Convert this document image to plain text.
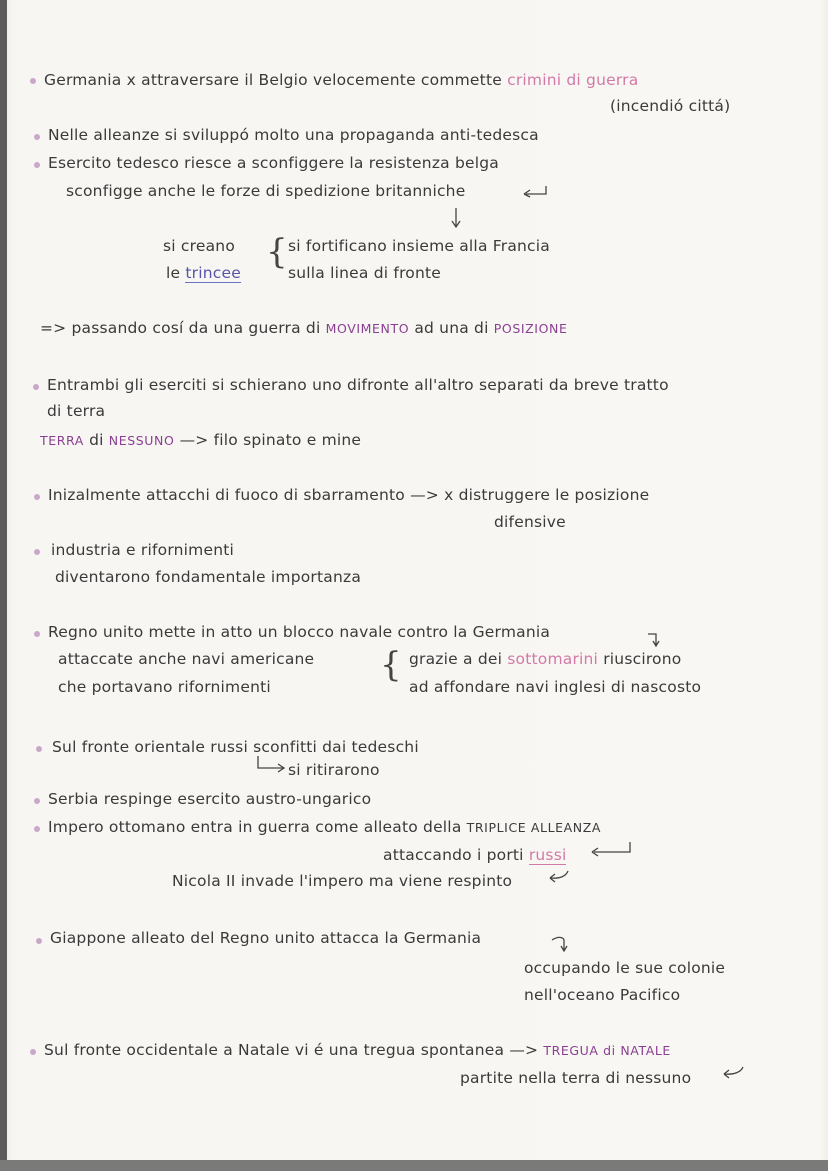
Germania x attraversare il Belgio velocemente commette crimini di guerra
(incendió cittá)
Nelle alleanze si sviluppó molto una propaganda anti-tedesca
Esercito tedesco riesce a sconfiggere la resistenza belga
sconfigge anche le forze di spedizione britanniche
si creano { si fortificano insieme alla Francia
le trincee	sulla linea di fronte
=> passando cosí da una guerra di MOVIMENTO ad una di POSIZIONE
Entrambi gli eserciti si schierano uno difronte all'altro separati da breve tratto
di terra
TERRA di NESSUNO —> filo spinato e mine
Inizalmente attacchi di fuoco di sbarramento —> x distruggere le posizione
difensive
industria e rifornimenti
diventarono fondamentale importanza
Regno unito mette in atto un blocco navale contro la Germania
attaccate anche navi americane { grazie a dei sottomarini riuscirono
che portavano rifornimenti	ad affondare navi inglesi di nascosto
Sul fronte orientale russi sconfitti dai tedeschi
si ritirarono
Serbia respinge esercito austro-ungarico
Impero ottomano entra in guerra come alleato della TRIPLICE ALLEANZA
attaccando i porti russi
Nicola II invade l'impero ma viene respinto
Giappone alleato del Regno unito attacca la Germania
occupando le sue colonie
nell'oceano Pacifico
Sul fronte occidentale a Natale vi é una tregua spontanea —> TREGUA di NATALE
partite nella terra di nessuno
